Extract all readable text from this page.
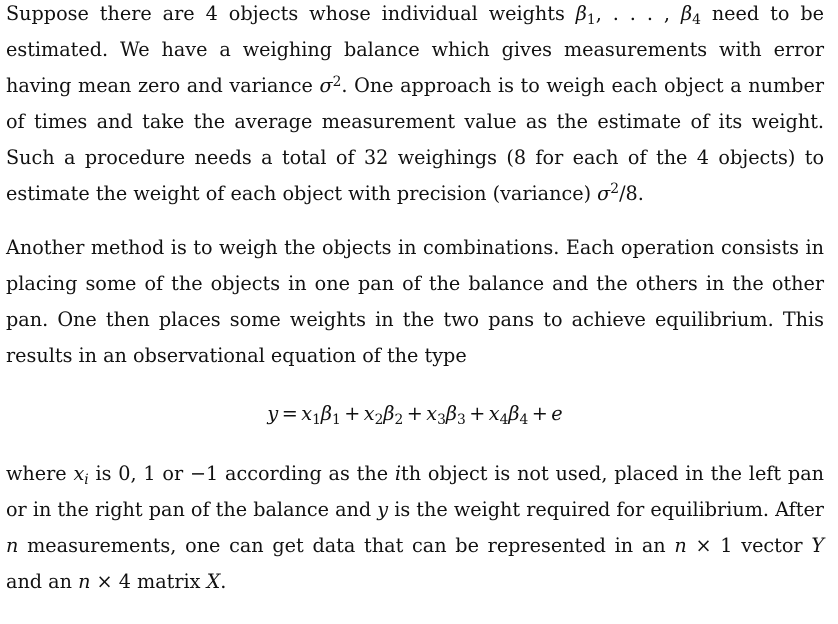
Suppose there are 4 objects whose individual weights $\beta_1$, . . . , $\beta_4$ need to be estimated. We have a weighing balance which gives measurements with error having mean zero and variance $\sigma^2$. One approach is to weigh each object a number of times and take the average measurement value as the estimate of its weight. Such a procedure needs a total of 32 weighings (8 for each of the 4 objects) to estimate the weight of each object with precision (variance) $\sigma^2/8$.

Another method is to weigh the objects in combinations. Each operation consists in placing some of the objects in one pan of the balance and the others in the other pan. One then places some weights in the two pans to achieve equilibrium. This results in an observational equation of the type

$y = x_1\beta_1 + x_2\beta_2 + x_3\beta_3 + x_4\beta_4 + e$

where $x_i$ is 0, 1 or −1 according as the ith object is not used, placed in the left pan or in the right pan of the balance and y is the weight required for equilibrium. After n measurements, one can get data that can be represented in an n × 1 vector Y and an n × 4 matrix X.
